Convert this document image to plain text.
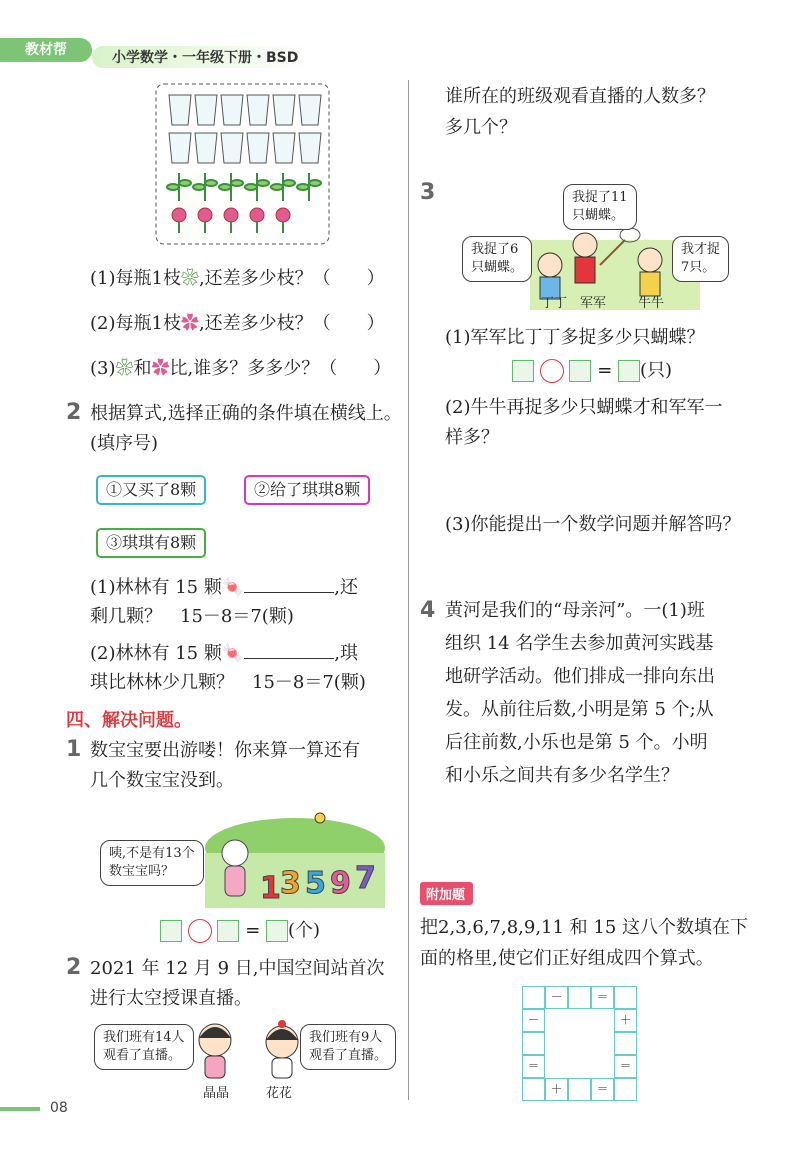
教材帮	小学数学・一年级下册・BSD
(1)每瓶1枝❀,还差多少枝？（　　）
(2)每瓶1枝✿,还差多少枝？（　　）
(3)❀和✿比,谁多？多多少？（　　）
2 根据算式,选择正确的条件填在横线上。
(填序号)
①又买了8颗	②给了琪琪8颗
③琪琪有8颗
(1)林林有 15 颗🍬	,还
剩几颗？　15－8＝7(颗)
(2)林林有 15 颗🍬	,琪
琪比林林少几颗？　15－8＝7(颗)
四、解决问题。
1 数宝宝要出游喽！你来算一算还有
几个数宝宝没到。
1 3 5 9 7
咦,不是有13个
数宝宝吗？
= (个)
2 2021 年 12 月 9 日,中国空间站首次
进行太空授课直播。
我们班有14人
观看了直播。
我们班有9人
观看了直播。
晶晶	花花
谁所在的班级观看直播的人数多？
多几个？
3	我捉了11
只蝴蝶。
我捉了6
只蝴蝶。
我才捉
7只。
丁丁 军军 牛牛
(1)军军比丁丁多捉多少只蝴蝶？
= (只)
(2)牛牛再捉多少只蝴蝶才和军军一
样多？
(3)你能提出一个数学问题并解答吗？
4 黄河是我们的“母亲河”。一(1)班
组织 14 名学生去参加黄河实践基
地研学活动。他们排成一排向东出
发。从前往后数,小明是第 5 个;从
后往前数,小乐也是第 5 个。小明
和小乐之间共有多少名学生？
附加题
把2,3,6,7,8,9,11 和 15 这八个数填在下
面的格里,使它们正好组成四个算式。
－	＝
－	＋
＝	＝
＋	＝
08
